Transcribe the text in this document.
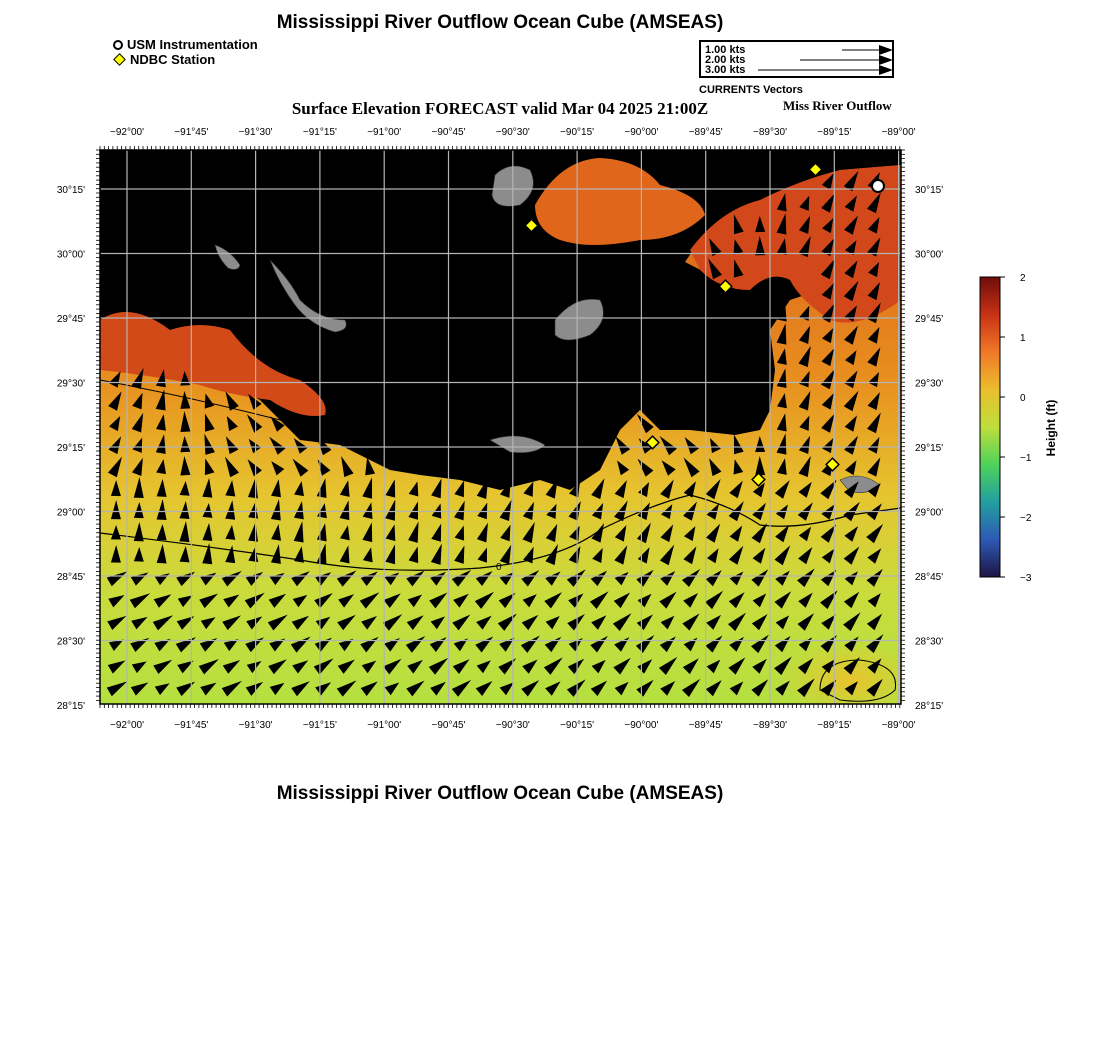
Mississippi River Outflow Ocean Cube (AMSEAS)
USM Instrumentation
NDBC Station
1.00 kts
2.00 kts
3.00 kts
CURRENTS Vectors
Surface Elevation FORECAST valid Mar 04 2025 21:00Z	Miss River Outflow
0
−92°00'	−91°45'	−91°30'	−91°15'	−91°00'	−90°45'	−90°30'	−90°15'	−90°00'	−89°45'	−89°30'	−89°15'	−89°00'
−92°00'	−91°45'	−91°30'	−91°15'	−91°00'	−90°45'	−90°30'	−90°15'	−90°00'	−89°45'	−89°30'	−89°15'	−89°00'
30°15'
30°00'
29°45'
29°30'
29°15'
29°00'
28°45'
28°30'
28°15'
30°15'
30°00'
29°45'
29°30'
29°15'
29°00'
28°45'
28°30'
28°15'
2
1
0
−1
−2
−3
Height (ft)
Mississippi River Outflow Ocean Cube (AMSEAS)
